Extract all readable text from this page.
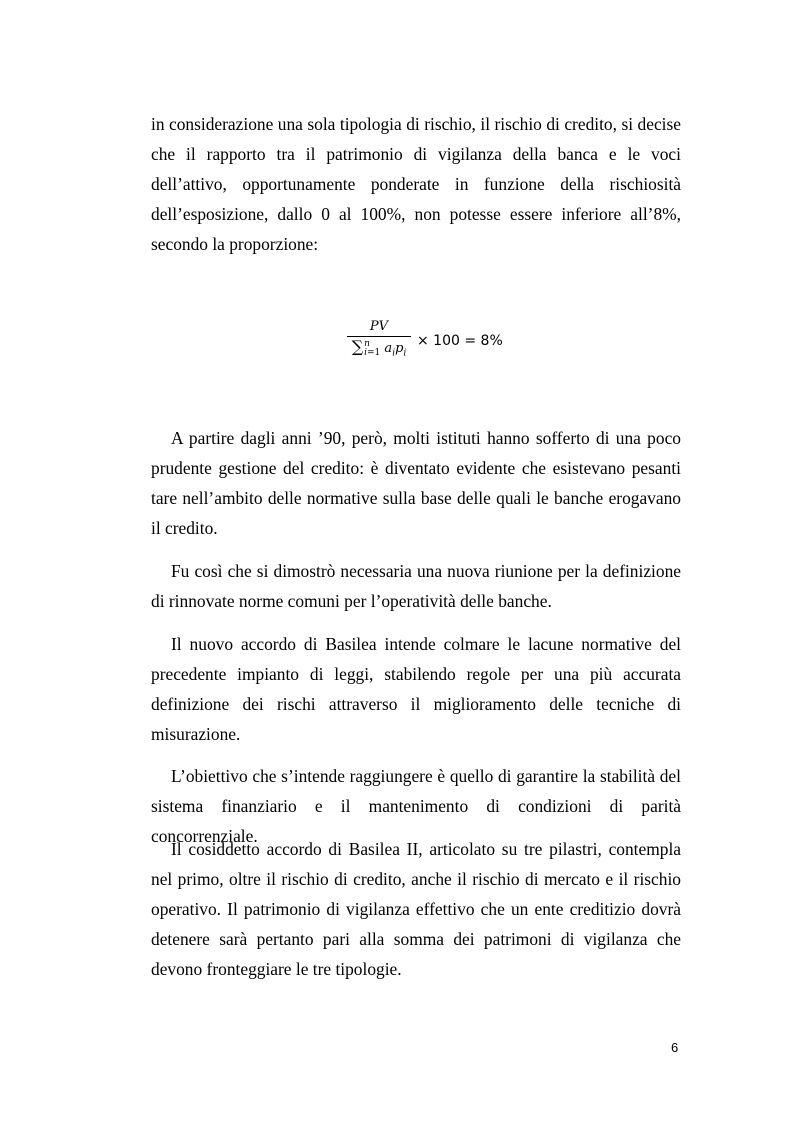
in considerazione una sola tipologia di rischio, il rischio di credito, si decise che il rapporto tra il patrimonio di vigilanza della banca e le voci dell’attivo, opportunamente ponderate in funzione della rischiosità dell’esposizione, dallo 0 al 100%, non potesse essere inferiore all’8%, secondo la proporzione:

PV
∑ n
i=1 $a_ip_i \times 100 = 8\%$

A partire dagli anni ’90, però, molti istituti hanno sofferto di una poco prudente gestione del credito: è diventato evidente che esistevano pesanti tare nell’ambito delle normative sulla base delle quali le banche erogavano il credito.

Fu così che si dimostrò necessaria una nuova riunione per la definizione di rinnovate norme comuni per l’operatività delle banche.

Il nuovo accordo di Basilea intende colmare le lacune normative del precedente impianto di leggi, stabilendo regole per una più accurata definizione dei rischi attraverso il miglioramento delle tecniche di misurazione.

L’obiettivo che s’intende raggiungere è quello di garantire la stabilità del sistema finanziario e il mantenimento di condizioni di parità concorrenziale.

Il cosiddetto accordo di Basilea II, articolato su tre pilastri, contempla nel primo, oltre il rischio di credito, anche il rischio di mercato e il rischio operativo. Il patrimonio di vigilanza effettivo che un ente creditizio dovrà detenere sarà pertanto pari alla somma dei patrimoni di vigilanza che devono fronteggiare le tre tipologie.

6
